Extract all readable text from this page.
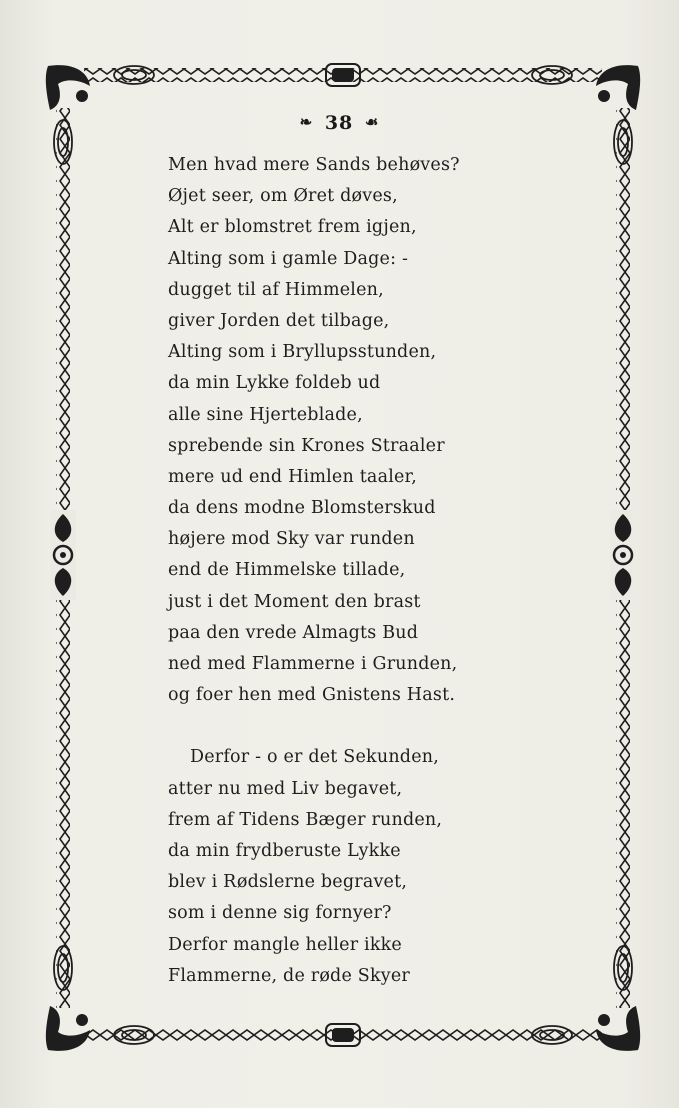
❧ 38 ☙
Men hvad mere Sands behøves?
Øjet seer, om Øret døves,
Alt er blomstret frem igjen,
Alting som i gamle Dage: -
dugget til af Himmelen,
giver Jorden det tilbage,
Alting som i Bryllupsstunden,
da min Lykke foldeb ud
alle sine Hjerteblade,
sprebende sin Krones Straaler
mere ud end Himlen taaler,
da dens modne Blomsterskud
højere mod Sky var runden
end de Himmelske tillade,
just i det Moment den brast
paa den vrede Almagts Bud
ned med Flammerne i Grunden,
og foer hen med Gnistens Hast.
Derfor - o er det Sekunden,
atter nu med Liv begavet,
frem af Tidens Bæger runden,
da min frydberuste Lykke
blev i Rødslerne begravet,
som i denne sig fornyer?
Derfor mangle heller ikke
Flammerne, de røde Skyer
